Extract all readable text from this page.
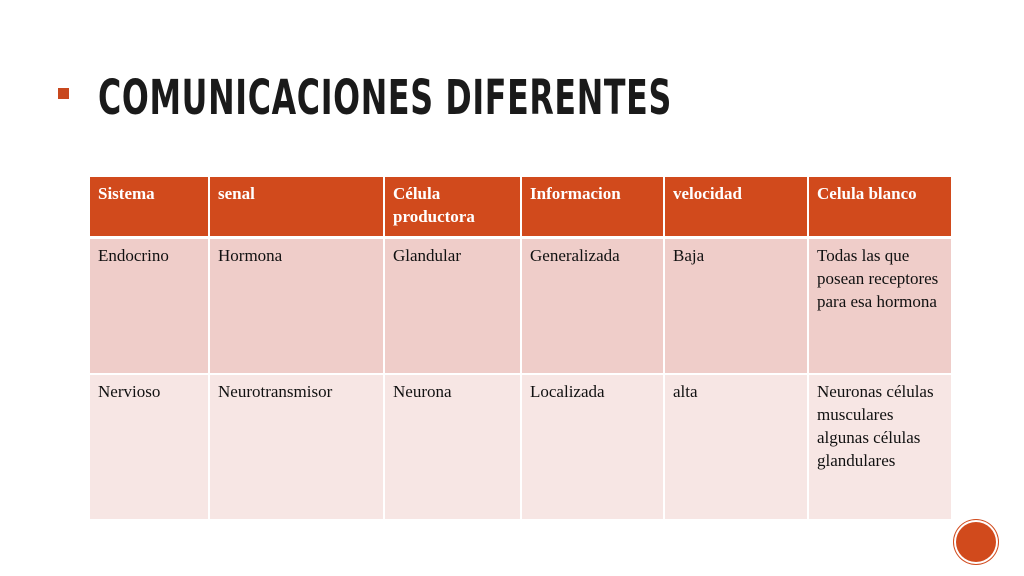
COMUNICACIONES DIFERENTES
Sistema	senal	Célula productora	Informacion	velocidad	Celula blanco
Endocrino	Hormona	Glandular	Generalizada	Baja	Todas las que posean receptores para esa hormona
Nervioso	Neurotransmisor	Neurona	Localizada	alta	Neuronas células musculares algunas células glandulares
